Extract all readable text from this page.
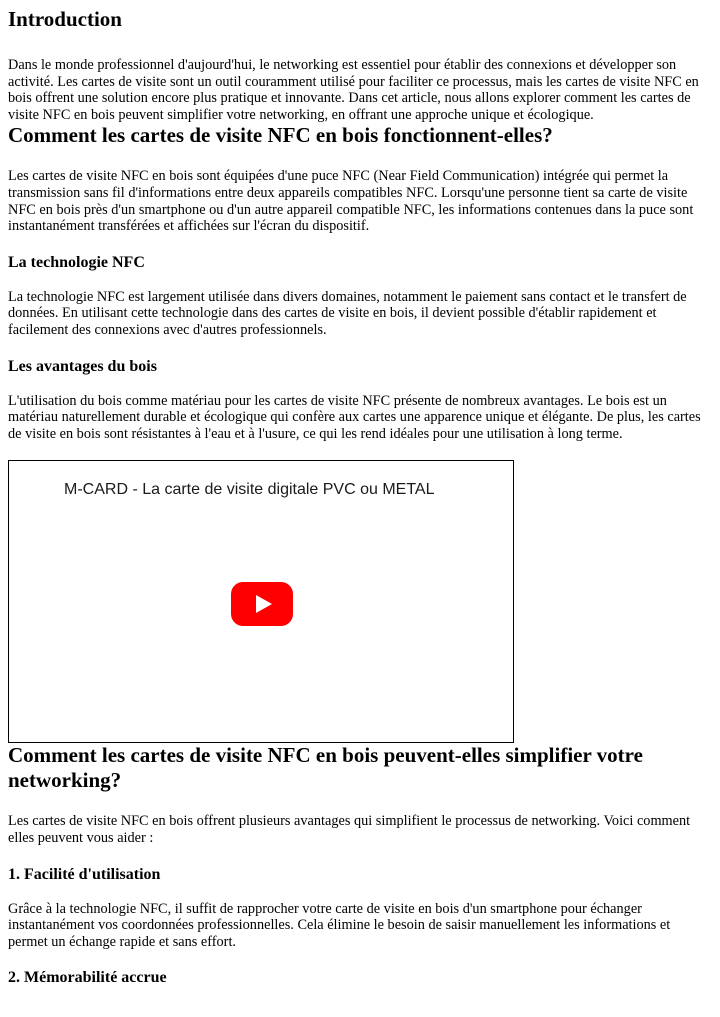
Introduction

Dans le monde professionnel d'aujourd'hui, le networking est essentiel pour établir des connexions et développer son activité. Les cartes de visite sont un outil couramment utilisé pour faciliter ce processus, mais les cartes de visite NFC en bois offrent une solution encore plus pratique et innovante. Dans cet article, nous allons explorer comment les cartes de visite NFC en bois peuvent simplifier votre networking, en offrant une approche unique et écologique.

Comment les cartes de visite NFC en bois fonctionnent-elles?

Les cartes de visite NFC en bois sont équipées d'une puce NFC (Near Field Communication) intégrée qui permet la transmission sans fil d'informations entre deux appareils compatibles NFC. Lorsqu'une personne tient sa carte de visite NFC en bois près d'un smartphone ou d'un autre appareil compatible NFC, les informations contenues dans la puce sont instantanément transférées et affichées sur l'écran du dispositif.

La technologie NFC

La technologie NFC est largement utilisée dans divers domaines, notamment le paiement sans contact et le transfert de données. En utilisant cette technologie dans des cartes de visite en bois, il devient possible d'établir rapidement et facilement des connexions avec d'autres professionnels.

Les avantages du bois

L'utilisation du bois comme matériau pour les cartes de visite NFC présente de nombreux avantages. Le bois est un matériau naturellement durable et écologique qui confère aux cartes une apparence unique et élégante. De plus, les cartes de visite en bois sont résistantes à l'eau et à l'usure, ce qui les rend idéales pour une utilisation à long terme.

M-CARD - La carte de visite digitale PVC ou METAL
Comment les cartes de visite NFC en bois peuvent-elles simplifier votre networking?

Les cartes de visite NFC en bois offrent plusieurs avantages qui simplifient le processus de networking. Voici comment elles peuvent vous aider :

1. Facilité d'utilisation

Grâce à la technologie NFC, il suffit de rapprocher votre carte de visite en bois d'un smartphone pour échanger instantanément vos coordonnées professionnelles. Cela élimine le besoin de saisir manuellement les informations et permet un échange rapide et sans effort.

2. Mémorabilité accrue
